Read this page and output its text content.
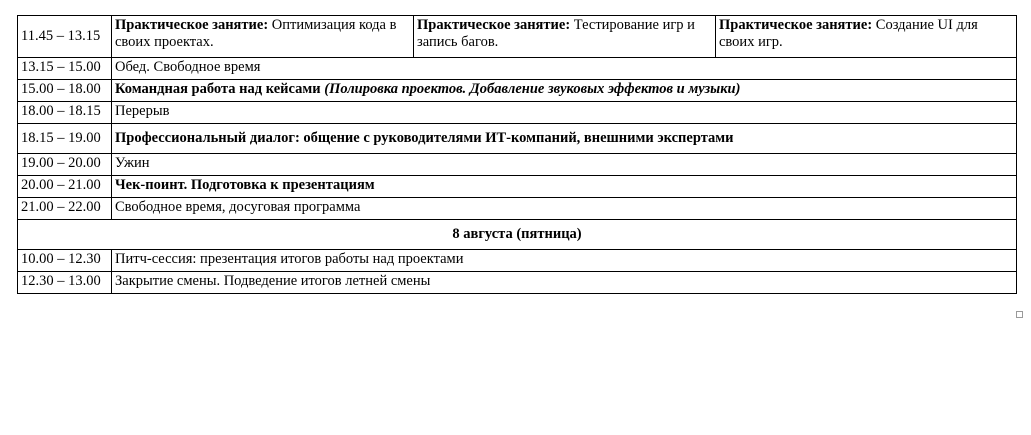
11.45 – 13.15	Практическое занятие: Оптимизация кода в своих проектах.	Практическое занятие: Тестирование игр и запись багов.	Практическое занятие: Создание UI для своих игр.
13.15 – 15.00	Обед. Свободное время		
15.00 – 18.00	Командная работа над кейсами (Полировка проектов. Добавление звуковых эффектов и музыки)		
18.00 – 18.15	Перерыв		
18.15 – 19.00	Профессиональный диалог: общение с руководителями ИТ-компаний, внешними экспертами		
19.00 – 20.00	Ужин		
20.00 – 21.00	Чек-поинт. Подготовка к презентациям		
21.00 – 22.00	Свободное время, досуговая программа		
8 августа (пятница)			
10.00 – 12.30	Питч-сессия: презентация итогов работы над проектами		
12.30 – 13.00	Закрытие смены. Подведение итогов летней смены		
